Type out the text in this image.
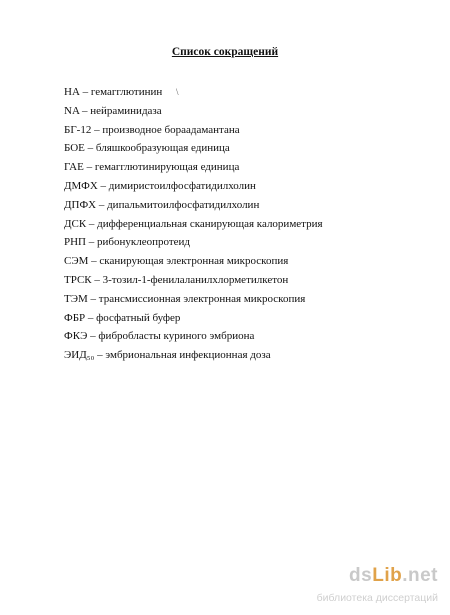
Список сокращений
\
НА – гемагглютинин
NA – нейраминидаза
БГ-12 – производное бораадамантана
БОЕ – бляшкообразующая единица
ГАЕ – гемагглютинирующая единица
ДМФХ – димиристоилфосфатидилхолин
ДПФХ – дипальмитоилфосфатидилхолин
ДСК – дифференциальная сканирующая калориметрия
РНП – рибонуклеопротеид
СЭМ – сканирующая электронная микроскопия
ТРСК – 3-тозил-1-фенилаланилхлорметилкетон
ТЭМ – трансмиссионная электронная микроскопия
ФБР – фосфатный буфер
ФКЭ – фибробласты куриного эмбриона
ЭИД₅₀ – эмбриональная инфекционная доза
dsLib.net
библиотека диссертаций
